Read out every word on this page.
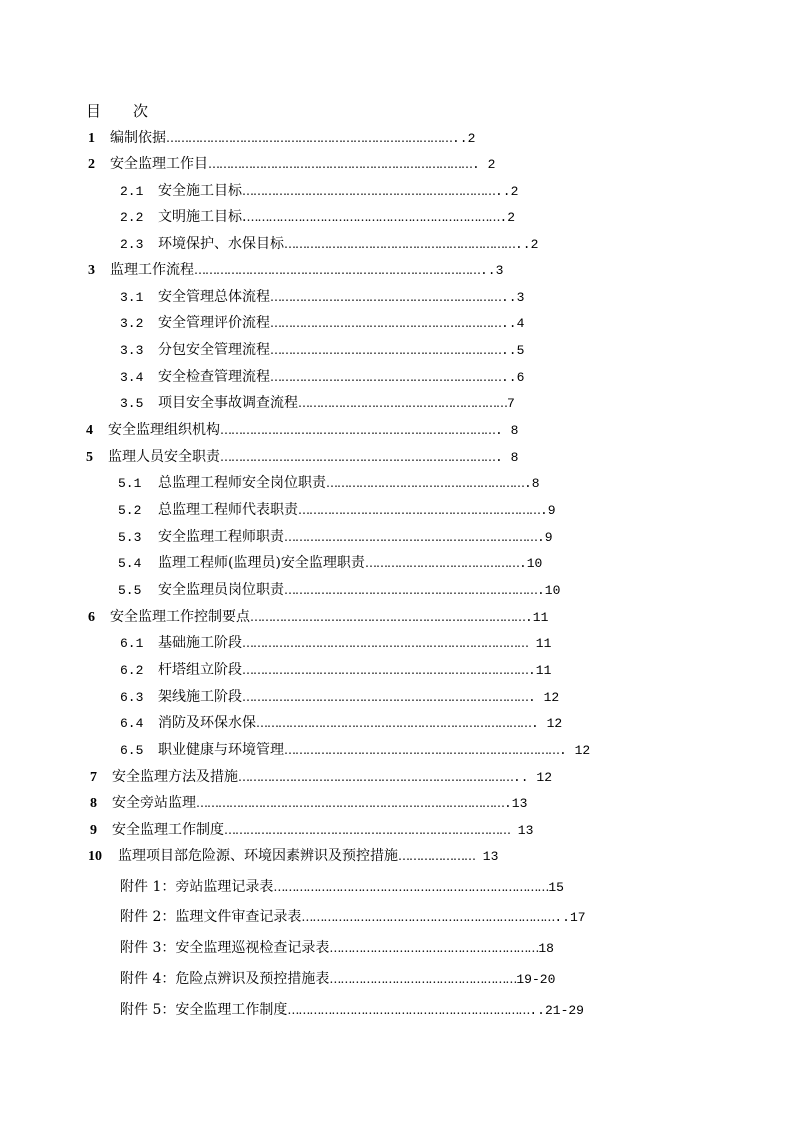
目 次
1 编制依据……………………………………………………………………..2
2 安全监理工作目………………………………………………………………. 2
2.1 安全施工目标……………………………………………………………..2
2.2 文明施工目标.…………………………………………………………….2
2.3 环境保护、水保目标………………………………………………………..2
3 监理工作流程……………………………………………………………………..3
3.1 安全管理总体流程………………………………………………………..3
3.2 安全管理评价流程………………………………………………………..4
3.3 分包安全管理流程………………………………………………………..5
3.4 安全检查管理流程………………………………………………………..6
3.5 项目安全事故调查流程…………………………………………………7
4 安全监理组织机构…………………………………………………………………. 8
5 监理人员安全职责…………………………………………………………………. 8
5.1 总监理工程师安全岗位职责……………………………………………….8
5.2 总监理工程师代表职责………………………………………………………….9
5.3 安全监理工程师职责…………………………………………………………….9
5.4 监理工程师(监理员)安全监理职责…………………………………….10
5.5 安全监理员岗位职责…………………………………………………………….10
6 安全监理工作控制要点………………………………………………………………….11
6.1 基础施工阶段…………………………………………………………………… 11
6.2 杆塔组立阶段…………………………………………………………………….11
6.3 架线施工阶段……………………………………………………………………. 12
6.4 消防及环保水保…………………………………………………………………. 12
6.5 职业健康与环境管理…………………………………………………………………. 12
7 安全监理方法及措施………………………………………………………………….. 12
8 安全旁站监理………………………………………………………………………….13
9 安全监理工作制度…………………………………………………………………… 13
10 监理项目部危险源、环境因素辨识及预控措施………………… 13
附件 1：旁站监理记录表…………………………………………………………………15
附件 2：监理文件审查记录表……………………………………………………………..17
附件 3：安全监理巡视检查记录表…………………………………………………18
附件 4：危险点辨识及预控措施表……………………………………………19-20
附件 5：安全监理工作制度…………………………………………………………..21-29
